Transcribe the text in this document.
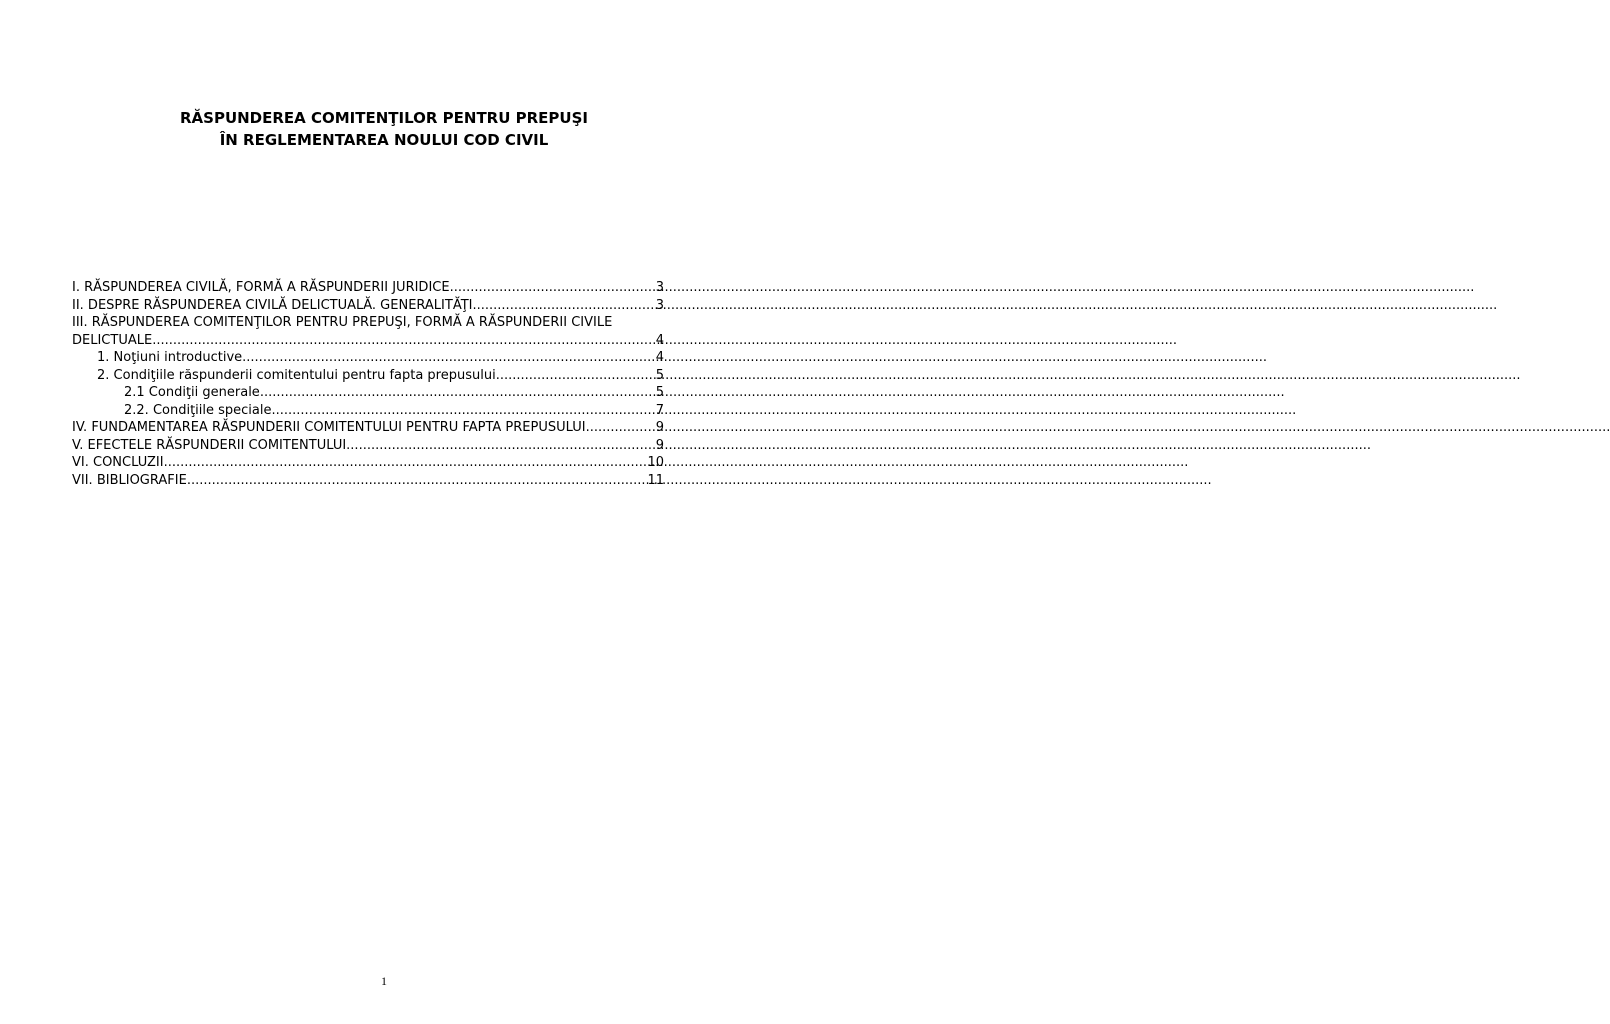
RĂSPUNDEREA COMITENŢILOR PENTRU PREPUŞI
ÎN REGLEMENTAREA NOULUI COD CIVIL
I. RĂSPUNDEREA CIVILĂ, FORMĂ A RĂSPUNDERII JURIDICE .....	3
II. DESPRE RĂSPUNDEREA CIVILĂ DELICTUALĂ. GENERALITĂŢI .....	3
III. RĂSPUNDEREA COMITENŢILOR PENTRU PREPUŞI, FORMĂ A RĂSPUNDERII CIVILE
DELICTUALE .....	4
1. Noţiuni introductive .....	4
2. Condiţiile răspunderii comitentului pentru fapta prepusului .....	5
2.1 Condiţii generale .....	5
2.2. Condiţiile speciale .....	7
IV. FUNDAMENTAREA RĂSPUNDERII COMITENTULUI PENTRU FAPTA PREPUSULUI .....	9
V. EFECTELE RĂSPUNDERII COMITENTULUI .....	9
VI. CONCLUZII .....	10
VII. BIBLIOGRAFIE .....	11
1
